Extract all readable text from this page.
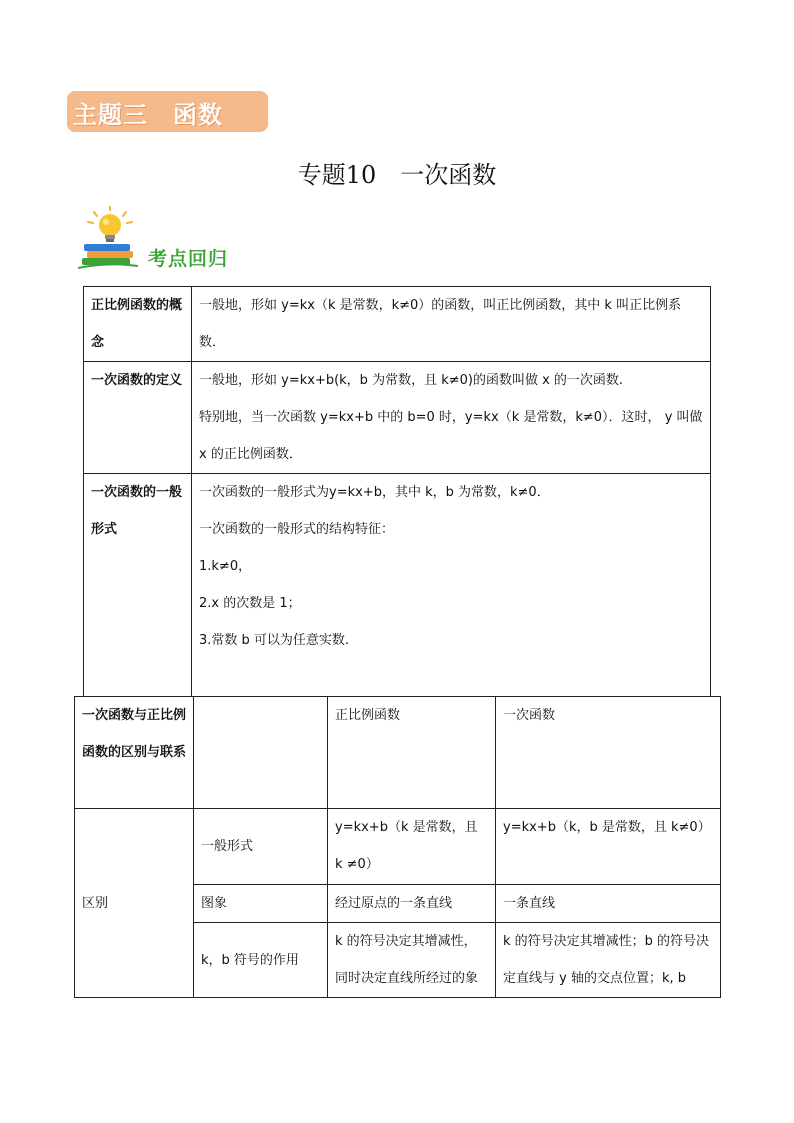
主题三　函数
专题10　一次函数
考点回归
正比例函数的概念	一般地，形如 y=kx（k 是常数，k≠0）的函数，叫正比例函数，其中 k 叫正比例系数．

一次函数的定义	一般地，形如 y=kx+b(k，b 为常数，且 k≠0)的函数叫做 x 的一次函数.
特别地，当一次函数 y=kx+b 中的 b=0 时，y=kx（k 是常数，k≠0）．这时， y 叫做 x 的正比例函数．

一次函数的一般形式	一次函数的一般形式为y=kx+b，其中 k，b 为常数，k≠0．
一次函数的一般形式的结构特征：
1.k≠0，
2.x 的次数是 1；
3.常数 b 可以为任意实数.
一次函数与正比例函数的区别与联系		正比例函数	一次函数
区别	一般形式	y=kx+b（k 是常数，且 k ≠0）	y=kx+b（k，b 是常数，且 k≠0）
	图象	经过原点的一条直线	一条直线
	k，b 符号的作用	k 的符号决定其增减性，同时决定直线所经过的象	k 的符号决定其增减性；b 的符号决定直线与 y 轴的交点位置；k, b
